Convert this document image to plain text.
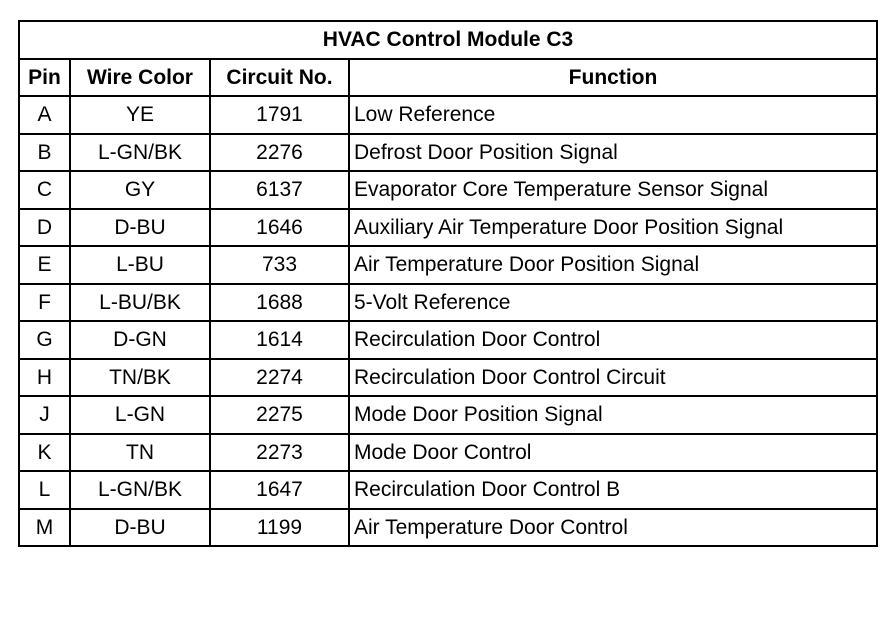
HVAC Control Module C3			
Pin	Wire Color	Circuit No.	Function
A	YE	1791	Low Reference
B	L-GN/BK	2276	Defrost Door Position Signal
C	GY	6137	Evaporator Core Temperature Sensor Signal
D	D-BU	1646	Auxiliary Air Temperature Door Position Signal
E	L-BU	733	Air Temperature Door Position Signal
F	L-BU/BK	1688	5-Volt Reference
G	D-GN	1614	Recirculation Door Control
H	TN/BK	2274	Recirculation Door Control Circuit
J	L-GN	2275	Mode Door Position Signal
K	TN	2273	Mode Door Control
L	L-GN/BK	1647	Recirculation Door Control B
M	D-BU	1199	Air Temperature Door Control
